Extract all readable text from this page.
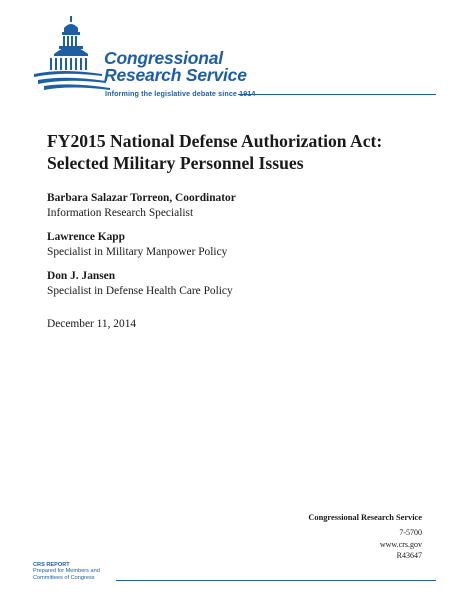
Congressional
Research Service
Informing the legislative debate since 1914
FY2015 National Defense Authorization Act:
Selected Military Personnel Issues
Barbara Salazar Torreon, Coordinator
Information Research Specialist
Lawrence Kapp
Specialist in Military Manpower Policy
Don J. Jansen
Specialist in Defense Health Care Policy
December 11, 2014
Congressional Research Service
7-5700
www.crs.gov
R43647
CRS REPORT
Prepared for Members and
Committees of Congress
